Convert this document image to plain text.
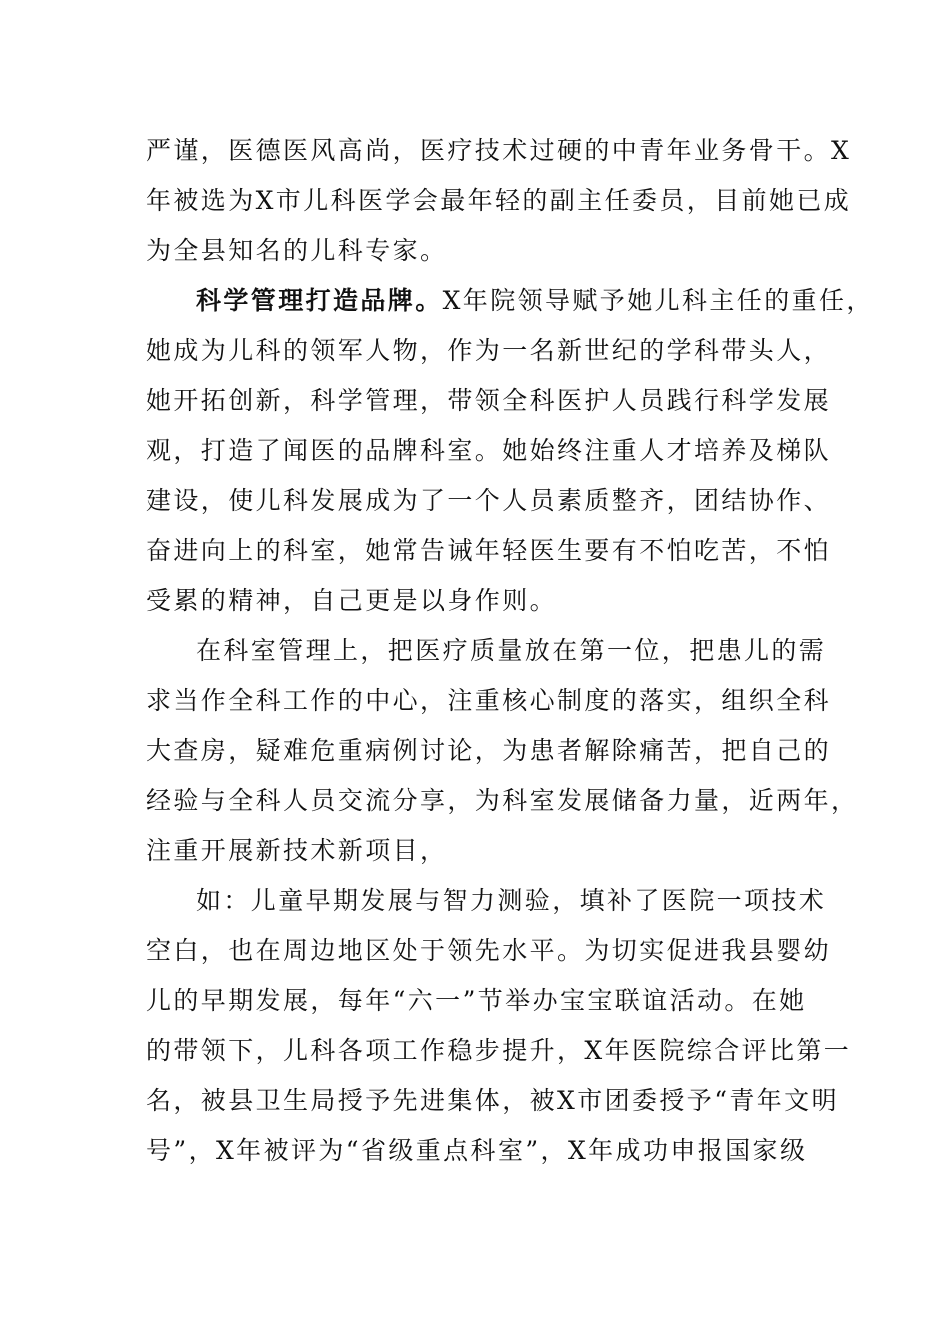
严谨，医德医风高尚，医疗技术过硬的中青年业务骨干。X
年被选为X市儿科医学会最年轻的副主任委员，目前她已成
为全县知名的儿科专家。
科学管理打造品牌。X年院领导赋予她儿科主任的重任，
她成为儿科的领军人物，作为一名新世纪的学科带头人，
她开拓创新，科学管理，带领全科医护人员践行科学发展
观，打造了闻医的品牌科室。她始终注重人才培养及梯队
建设，使儿科发展成为了一个人员素质整齐，团结协作、
奋进向上的科室，她常告诫年轻医生要有不怕吃苦，不怕
受累的精神，自己更是以身作则。
在科室管理上，把医疗质量放在第一位，把患儿的需
求当作全科工作的中心，注重核心制度的落实，组织全科
大查房，疑难危重病例讨论，为患者解除痛苦，把自己的
经验与全科人员交流分享，为科室发展储备力量，近两年，
注重开展新技术新项目，
如：儿童早期发展与智力测验，填补了医院一项技术
空白，也在周边地区处于领先水平。为切实促进我县婴幼
儿的早期发展，每年“六一”节举办宝宝联谊活动。在她
的带领下，儿科各项工作稳步提升，X年医院综合评比第一
名，被县卫生局授予先进集体，被X市团委授予“青年文明
号”，X年被评为“省级重点科室”，X年成功申报国家级
